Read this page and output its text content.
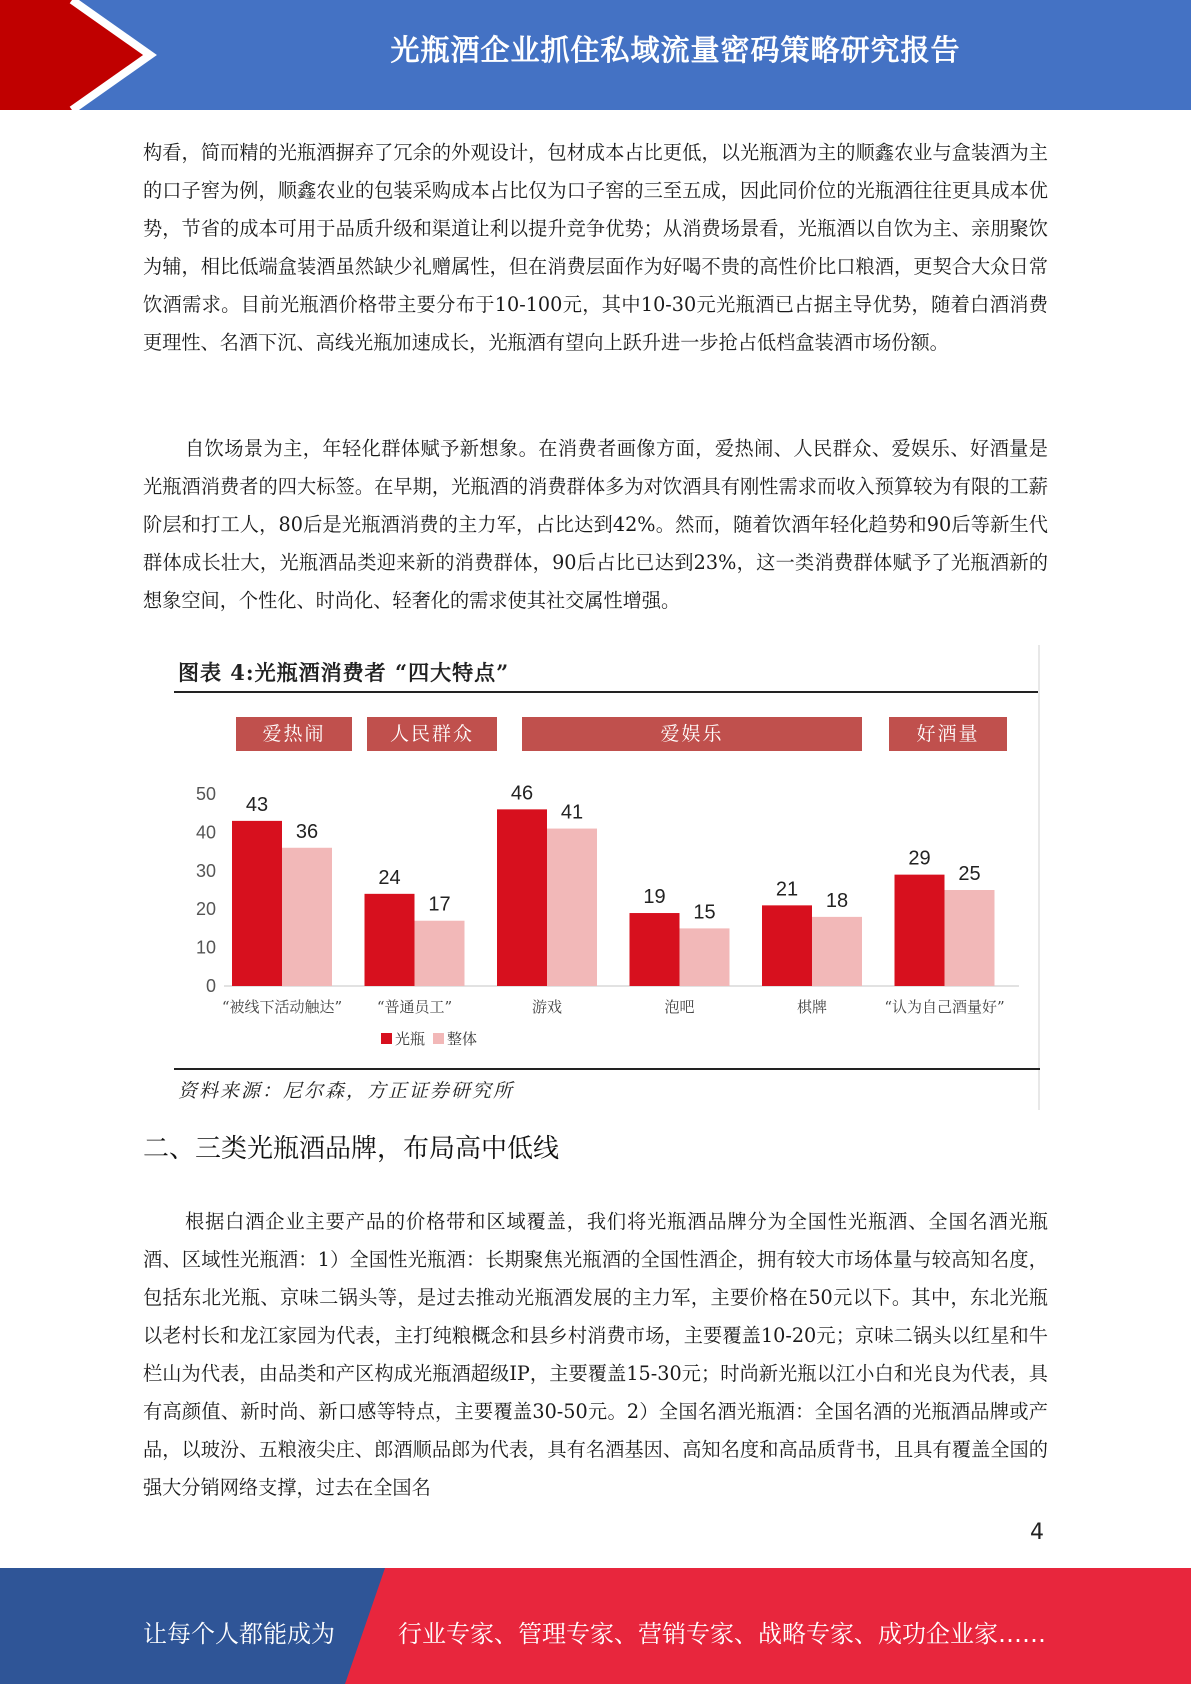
光瓶酒企业抓住私域流量密码策略研究报告

构看，简而精的光瓶酒摒弃了冗余的外观设计，包材成本占比更低，以光瓶酒为主的顺鑫农业与盒装酒为主的口子窖为例，顺鑫农业的包装采购成本占比仅为口子窖的三至五成，因此同价位的光瓶酒往往更具成本优势，节省的成本可用于品质升级和渠道让利以提升竞争优势；从消费场景看，光瓶酒以自饮为主、亲朋聚饮为辅，相比低端盒装酒虽然缺少礼赠属性，但在消费层面作为好喝不贵的高性价比口粮酒，更契合大众日常饮酒需求。目前光瓶酒价格带主要分布于10-100元，其中10-30元光瓶酒已占据主导优势，随着白酒消费更理性、名酒下沉、高线光瓶加速成长，光瓶酒有望向上跃升进一步抢占低档盒装酒市场份额。

自饮场景为主，年轻化群体赋予新想象。在消费者画像方面，爱热闹、人民群众、爱娱乐、好酒量是光瓶酒消费者的四大标签。在早期，光瓶酒的消费群体多为对饮酒具有刚性需求而收入预算较为有限的工薪阶层和打工人，80后是光瓶酒消费的主力军，占比达到42%。然而，随着饮酒年轻化趋势和90后等新生代群体成长壮大，光瓶酒品类迎来新的消费群体，90后占比已达到23%，这一类消费群体赋予了光瓶酒新的想象空间，个性化、时尚化、轻奢化的需求使其社交属性增强。

图表 4:光瓶酒消费者 “四大特点”
爱热闹	人民群众	爱娱乐	好酒量
0
10
20
30
40
50 43
36
“被线下活动触达”
24
17
“普通员工”
46
41
游戏
19
15
泡吧
21
18
棋牌
29
25
“认为自己酒量好”
资料来源：尼尔森，方正证券研究所
光瓶 整体
二、三类光瓶酒品牌，布局高中低线

根据白酒企业主要产品的价格带和区域覆盖，我们将光瓶酒品牌分为全国性光瓶酒、全国名酒光瓶酒、区域性光瓶酒：1）全国性光瓶酒：长期聚焦光瓶酒的全国性酒企，拥有较大市场体量与较高知名度，包括东北光瓶、京味二锅头等，是过去推动光瓶酒发展的主力军，主要价格在50元以下。其中，东北光瓶以老村长和龙江家园为代表，主打纯粮概念和县乡村消费市场，主要覆盖10-20元；京味二锅头以红星和牛栏山为代表，由品类和产区构成光瓶酒超级IP，主要覆盖15-30元；时尚新光瓶以江小白和光良为代表，具有高颜值、新时尚、新口感等特点，主要覆盖30-50元。2）全国名酒光瓶酒：全国名酒的光瓶酒品牌或产品，以玻汾、五粮液尖庄、郎酒顺品郎为代表，具有名酒基因、高知名度和高品质背书，且具有覆盖全国的强大分销网络支撑，过去在全国名

4
让每个人都能成为	行业专家、管理专家、营销专家、战略专家、成功企业家……
